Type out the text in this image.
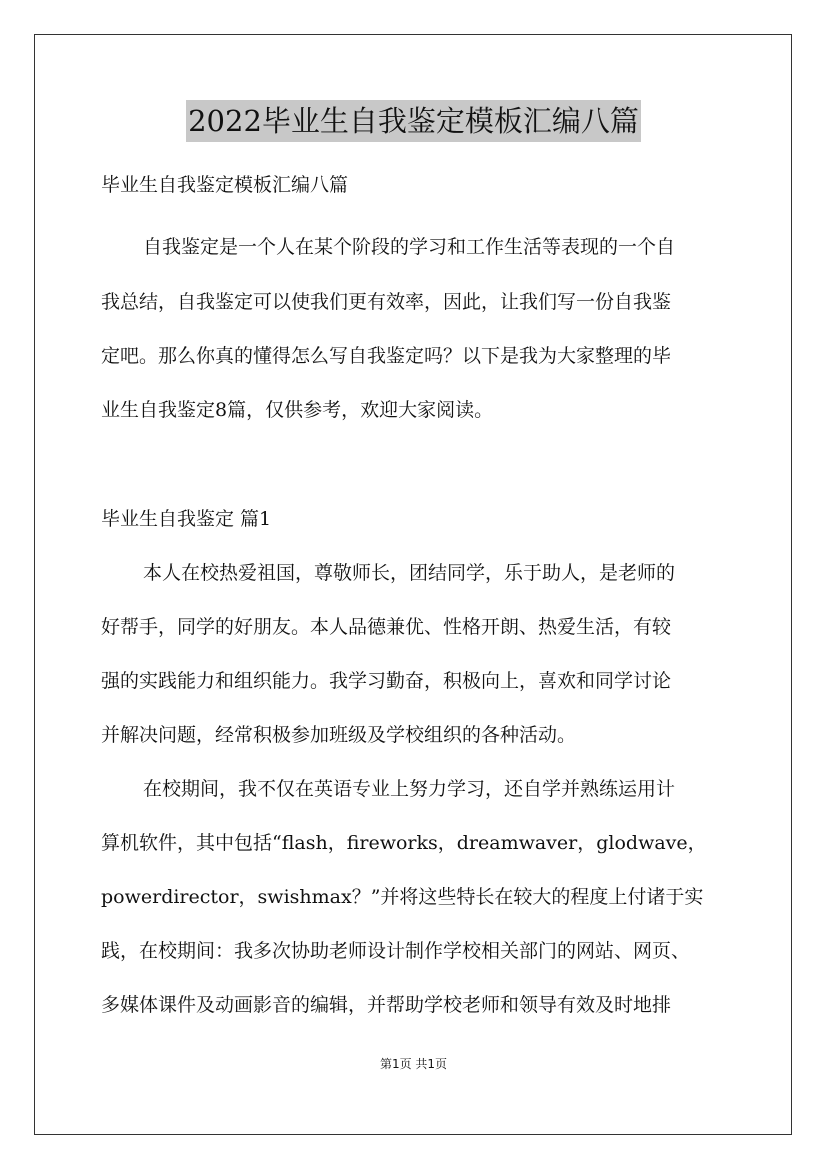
2022毕业生自我鉴定模板汇编八篇
毕业生自我鉴定模板汇编八篇
自我鉴定是一个人在某个阶段的学习和工作生活等表现的一个自
我总结，自我鉴定可以使我们更有效率，因此，让我们写一份自我鉴
定吧。那么你真的懂得怎么写自我鉴定吗？以下是我为大家整理的毕
业生自我鉴定8篇，仅供参考，欢迎大家阅读。
毕业生自我鉴定 篇1
本人在校热爱祖国，尊敬师长，团结同学，乐于助人，是老师的
好帮手，同学的好朋友。本人品德兼优、性格开朗、热爱生活，有较
强的实践能力和组织能力。我学习勤奋，积极向上，喜欢和同学讨论
并解决问题，经常积极参加班级及学校组织的各种活动。
在校期间，我不仅在英语专业上努力学习，还自学并熟练运用计
算机软件，其中包括“flash，fireworks，dreamwaver，glodwave，
powerdirector，swishmax？”并将这些特长在较大的程度上付诸于实
践，在校期间：我多次协助老师设计制作学校相关部门的网站、网页、
多媒体课件及动画影音的编辑，并帮助学校老师和领导有效及时地排
第1页 共1页
